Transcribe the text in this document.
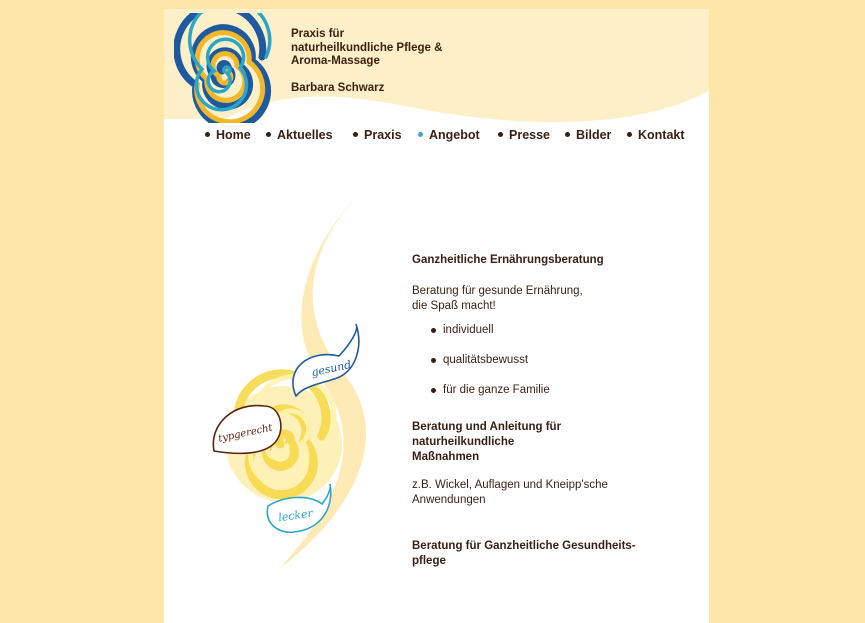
Praxis für
naturheilkundliche Pflege &
Aroma-Massage
Barbara Schwarz
Home	Aktuelles	Praxis	Angebot	Presse	Bilder	Kontakt
gesund
typgerecht
lecker

Ganzheitliche Ernährungsberatung

Beratung für gesunde Ernährung,

die Spaß macht!

individuell
qualitätsbewusst
für die ganze Familie

Beratung und Anleitung für

naturheilkundliche

Maßnahmen

z.B. Wickel, Auflagen und Kneipp'sche

Anwendungen

Beratung für Ganzheitliche Gesundheits-

pflege
